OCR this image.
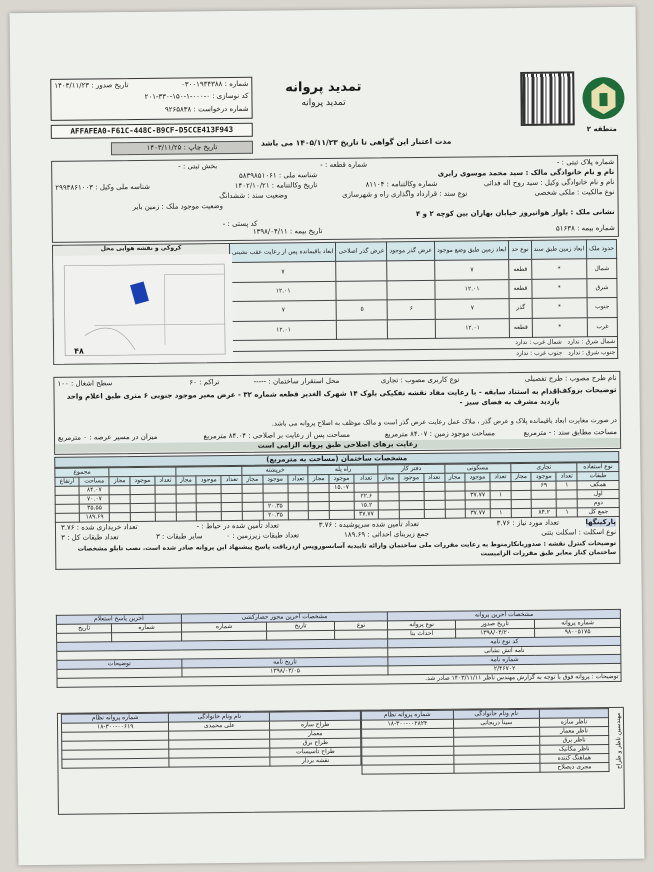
منطقه ۲
تمدید پروانه
تمدید پروانه
مدت اعتبار این گواهی تا تاریخ ۱۴۰۵/۱۱/۲۳ می باشد
شماره : ۰۳۰۰۱۹۳۴۳۸۸
تاریخ صدور : ۱۴۰۳/۱۱/۲۳
کد نوسازی : ۰-۰۰۰-۱-۱۵۰-۳۳۰-۲۰۱
شماره درخواست : ۹۲۶۵۸۳۸
AFFAFEA0-F61C-448C-B9CF-D5CCE413F943
تاریخ چاپ : ۱۴۰۳/۱۱/۲۵
شماره پلاک ثبتی : -
شماره قطعه : -
بخش ثبتی : -
نام و نام خانوادگی مالک : سید محمد موسوی رابری
شناسه ملی : ۵۸۳۹۸۵۱۰۶۱
نام و نام خانوادگی وکیل : سید روح اله فدائی
شماره وکالتنامه : ۸۱۱۰۴
تاریخ وکالتنامه : ۱۴۰۲/۱۰/۲۱
شناسه ملی وکیل : ۲۹۹۳۸۶۱۰۰۳
نوع مالکیت : ملکی شخصی
نوع سند : قرارداد واگذاری راه و شهرسازی
وضعیت سند : ششدانگ
وضعیت موجود ملک : زمین بایر
نشانی ملک : بلوار هوانیروز خیابان بهاران بین کوچه ۲ و ۴
کد پستی : -
شماره بیمه : ۵۱۶۳۸
تاریخ بیمه : ۱۳۹۸/۰۴/۱۱
حدود ملک	ابعاد زمین طبق سند	نوع حد	ابعاد زمین طبق وضع موجود	عرض گذر موجود	عرض گذر اصلاحی	ابعاد باقیمانده پس از رعایت عقب نشینی	کروکی و نقشه هوایی محل
۴۸

شمال	*	قطعه	۷			۷	
شرق	*	قطعه	۱۲.۰۱			۱۲.۰۱	
جنوب	*	گذر	۷	۶	۵	۷	
غرب	*	قطعه	۱۲.۰۱			۱۲.۰۱	
شمال شرق : ندارد   شمال غرب : ندارد							
جنوب شرق : ندارد   جنوب غرب : ندارد							
نام طرح مصوب : طرح تفصیلی
نوع کاربری مصوب : تجاری
محل استقرار ساختمان : -----
تراکم : ۶۰
سطح اشغال : ۱۰۰
توضیحات بروکف :
اقدام به استناد سابقه - با رعایت مفاد نقشه تفکیکی بلوک ۱۴ شهرک الغدیر قطعه شماره ۳۲ - عرض معبر موجود جنوبی ۶ متری طبق اعلام واحد بازدید مشرف به فضای سبز -
در صورت مغایرت ابعاد باقیمانده پلاک و عرض گذر ، ملاک عمل رعایت عرض گذر است و مالک موظف به اصلاح پروانه می باشد.
مساحت مطابق سند : - مترمربع
مساحت موجود زمین : ۸۴.۰۷ مترمربع
مساحت پس از رعایت بر اصلاحی : ۸۴.۰۴ مترمربع
میزان در مسیر عرصه : ۰ مترمربع
رعایت برهای اصلاحی طبق پروانه الزامی است
مشخصات ساختمان (مساحت به مترمربع)
نوع استفاده	تجاری			مسکونی			دفتر کار			راه پله			خرپشته									مجموع	
طبقات	تعداد	موجود	مجاز	تعداد	موجود	مجاز	تعداد	موجود	مجاز	تعداد	موجود	مجاز	تعداد	موجود	مجاز	تعداد	موجود	مجاز	تعداد	موجود	مجاز	مساحت	ارتفاع
همکف	۱	۶۹									۱۵.۰۷											۸۴.۰۷	
اول				۱	۳۷.۷۷					۲۲.۶												۷۰.۰۷	
دوم										۱۵.۲				۲۰.۳۵								۳۵.۵۵	
جمع کل	۱	۸۴.۲		۱	۳۷.۷۷					۳۷.۷۷				۲۰.۳۵								۱۸۹.۶۹	
پارکینگها
تعداد مورد نیاز : ۳.۷۶
تعداد تأمین شده سرپوشیده : ۳.۷۶
تعداد تأمین شده در حیاط : -
تعداد خریداری شده : ۳.۷۶
نوع اسکلت : اسکلت بتنی
جمع زیربنای احداثی : ۱۸۹.۶۹
تعداد طبقات زیرزمین : ۰
سایر طبقات : ۳
تعداد طبقات کل : ۳
توضیحات کنترل نقشه : صدوریانکارمنوط به رعایت مقررات ملی ساختمان وارائه تاییدیه آسانسوروپس ازدریافت پاسخ پیشنهاد این پروانه صادر شده است. نصب تابلو مشخصات ساختمان کنار معابر طبق مقررات الزامیست
مشخصات آخرین پروانه			مشخصات آخرین مجوز حصارکشی			آخرین پاسخ استعلام	
شماره پروانه	تاریخ صدور	نوع پروانه	نوع	تاریخ	شماره	شماره	تاریخ
۹۸۰۰۵۱۷۵	۱۳۹۸/۰۴/۲۰	احداث بنا					
کد نوع نامه							
نامه آتش نشانی							
شماره نامه			تاریخ نامه			توضیحات	
۲/۴۶۷۰۲			۱۳۹۸/۰۳/۰۵				
توضیحات : پروانه فوق با توجه به گزارش مهندس ناظر ۱۴۰۳/۱۱/۱۱ صادر شد.							
مهندسین ناظر و طراح
	نام ونام خانوادگی	شماره پروانه نظام
ناظر سازه	سینا دریجانی	۱۸-۳۰۰-۰۰۲۸۲۴
ناظر معمار		
ناظر برق		
ناظر مکانیک		
هماهنگ کننده		
مجری ذیصلاح		
	نام ونام خانوادگی	شماره پروانه نظام
طراح سازه	علی محمدی	۱۸-۳۰۰-۰۰۶۱۹
معمار		
طراح برق		
طراح تاسیسات		
نقشه بردار		
